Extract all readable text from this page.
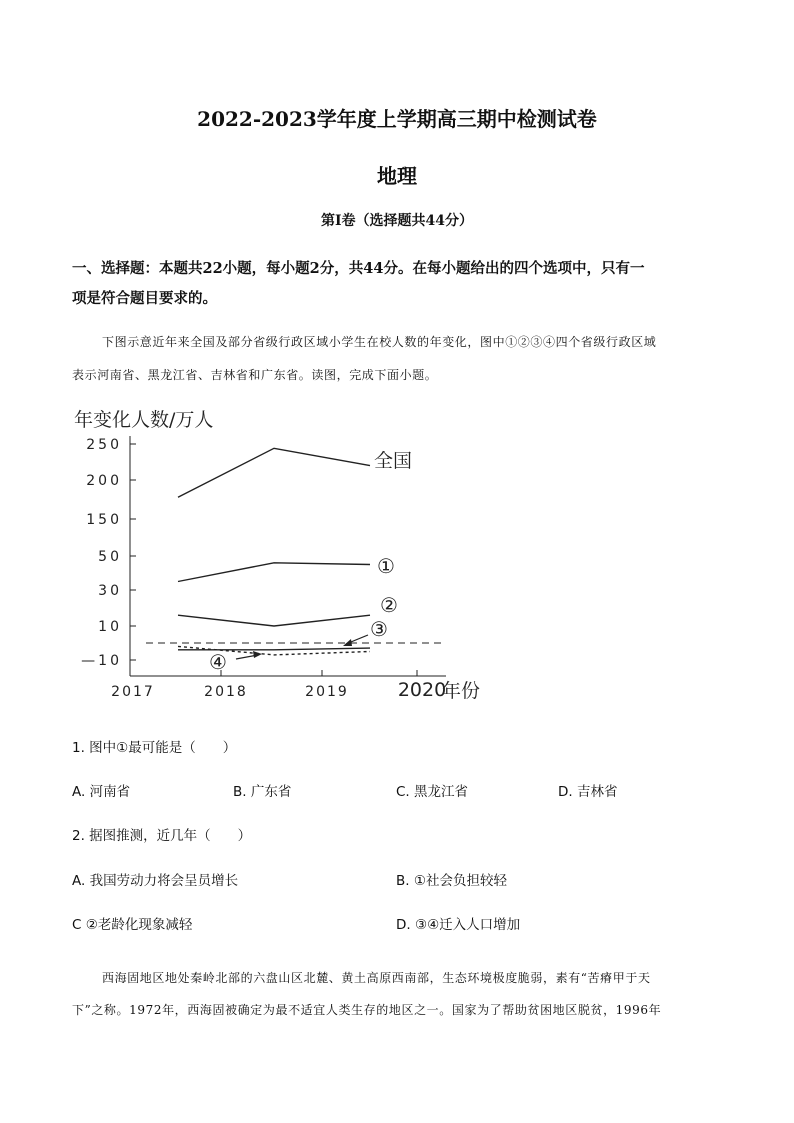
2022-2023学年度上学期高三期中检测试卷
地理
第Ⅰ卷（选择题共44分）
一、选择题：本题共22小题，每小题2分，共44分。在每小题给出的四个选项中，只有一
项是符合题目要求的。
下图示意近年来全国及部分省级行政区域小学生在校人数的年变化，图中①②③④四个省级行政区域
表示河南省、黑龙江省、吉林省和广东省。读图，完成下面小题。
年变化人数/万人
250
200
150
50
30
10
—10
2017	2018	2019	2020
全国
①
②
③
④
年份
1. 图中①最可能是（　　）
A. 河南省	B. 广东省	C. 黑龙江省	D. 吉林省
2. 据图推测，近几年（　　）
A. 我国劳动力将会呈员增长	B. ①社会负担较轻
C ②老龄化现象减轻	D. ③④迁入人口增加
西海固地区地处秦岭北部的六盘山区北麓、黄土高原西南部，生态环境极度脆弱，素有“苦瘠甲于天
下”之称。1972年，西海固被确定为最不适宜人类生存的地区之一。国家为了帮助贫困地区脱贫，1996年
